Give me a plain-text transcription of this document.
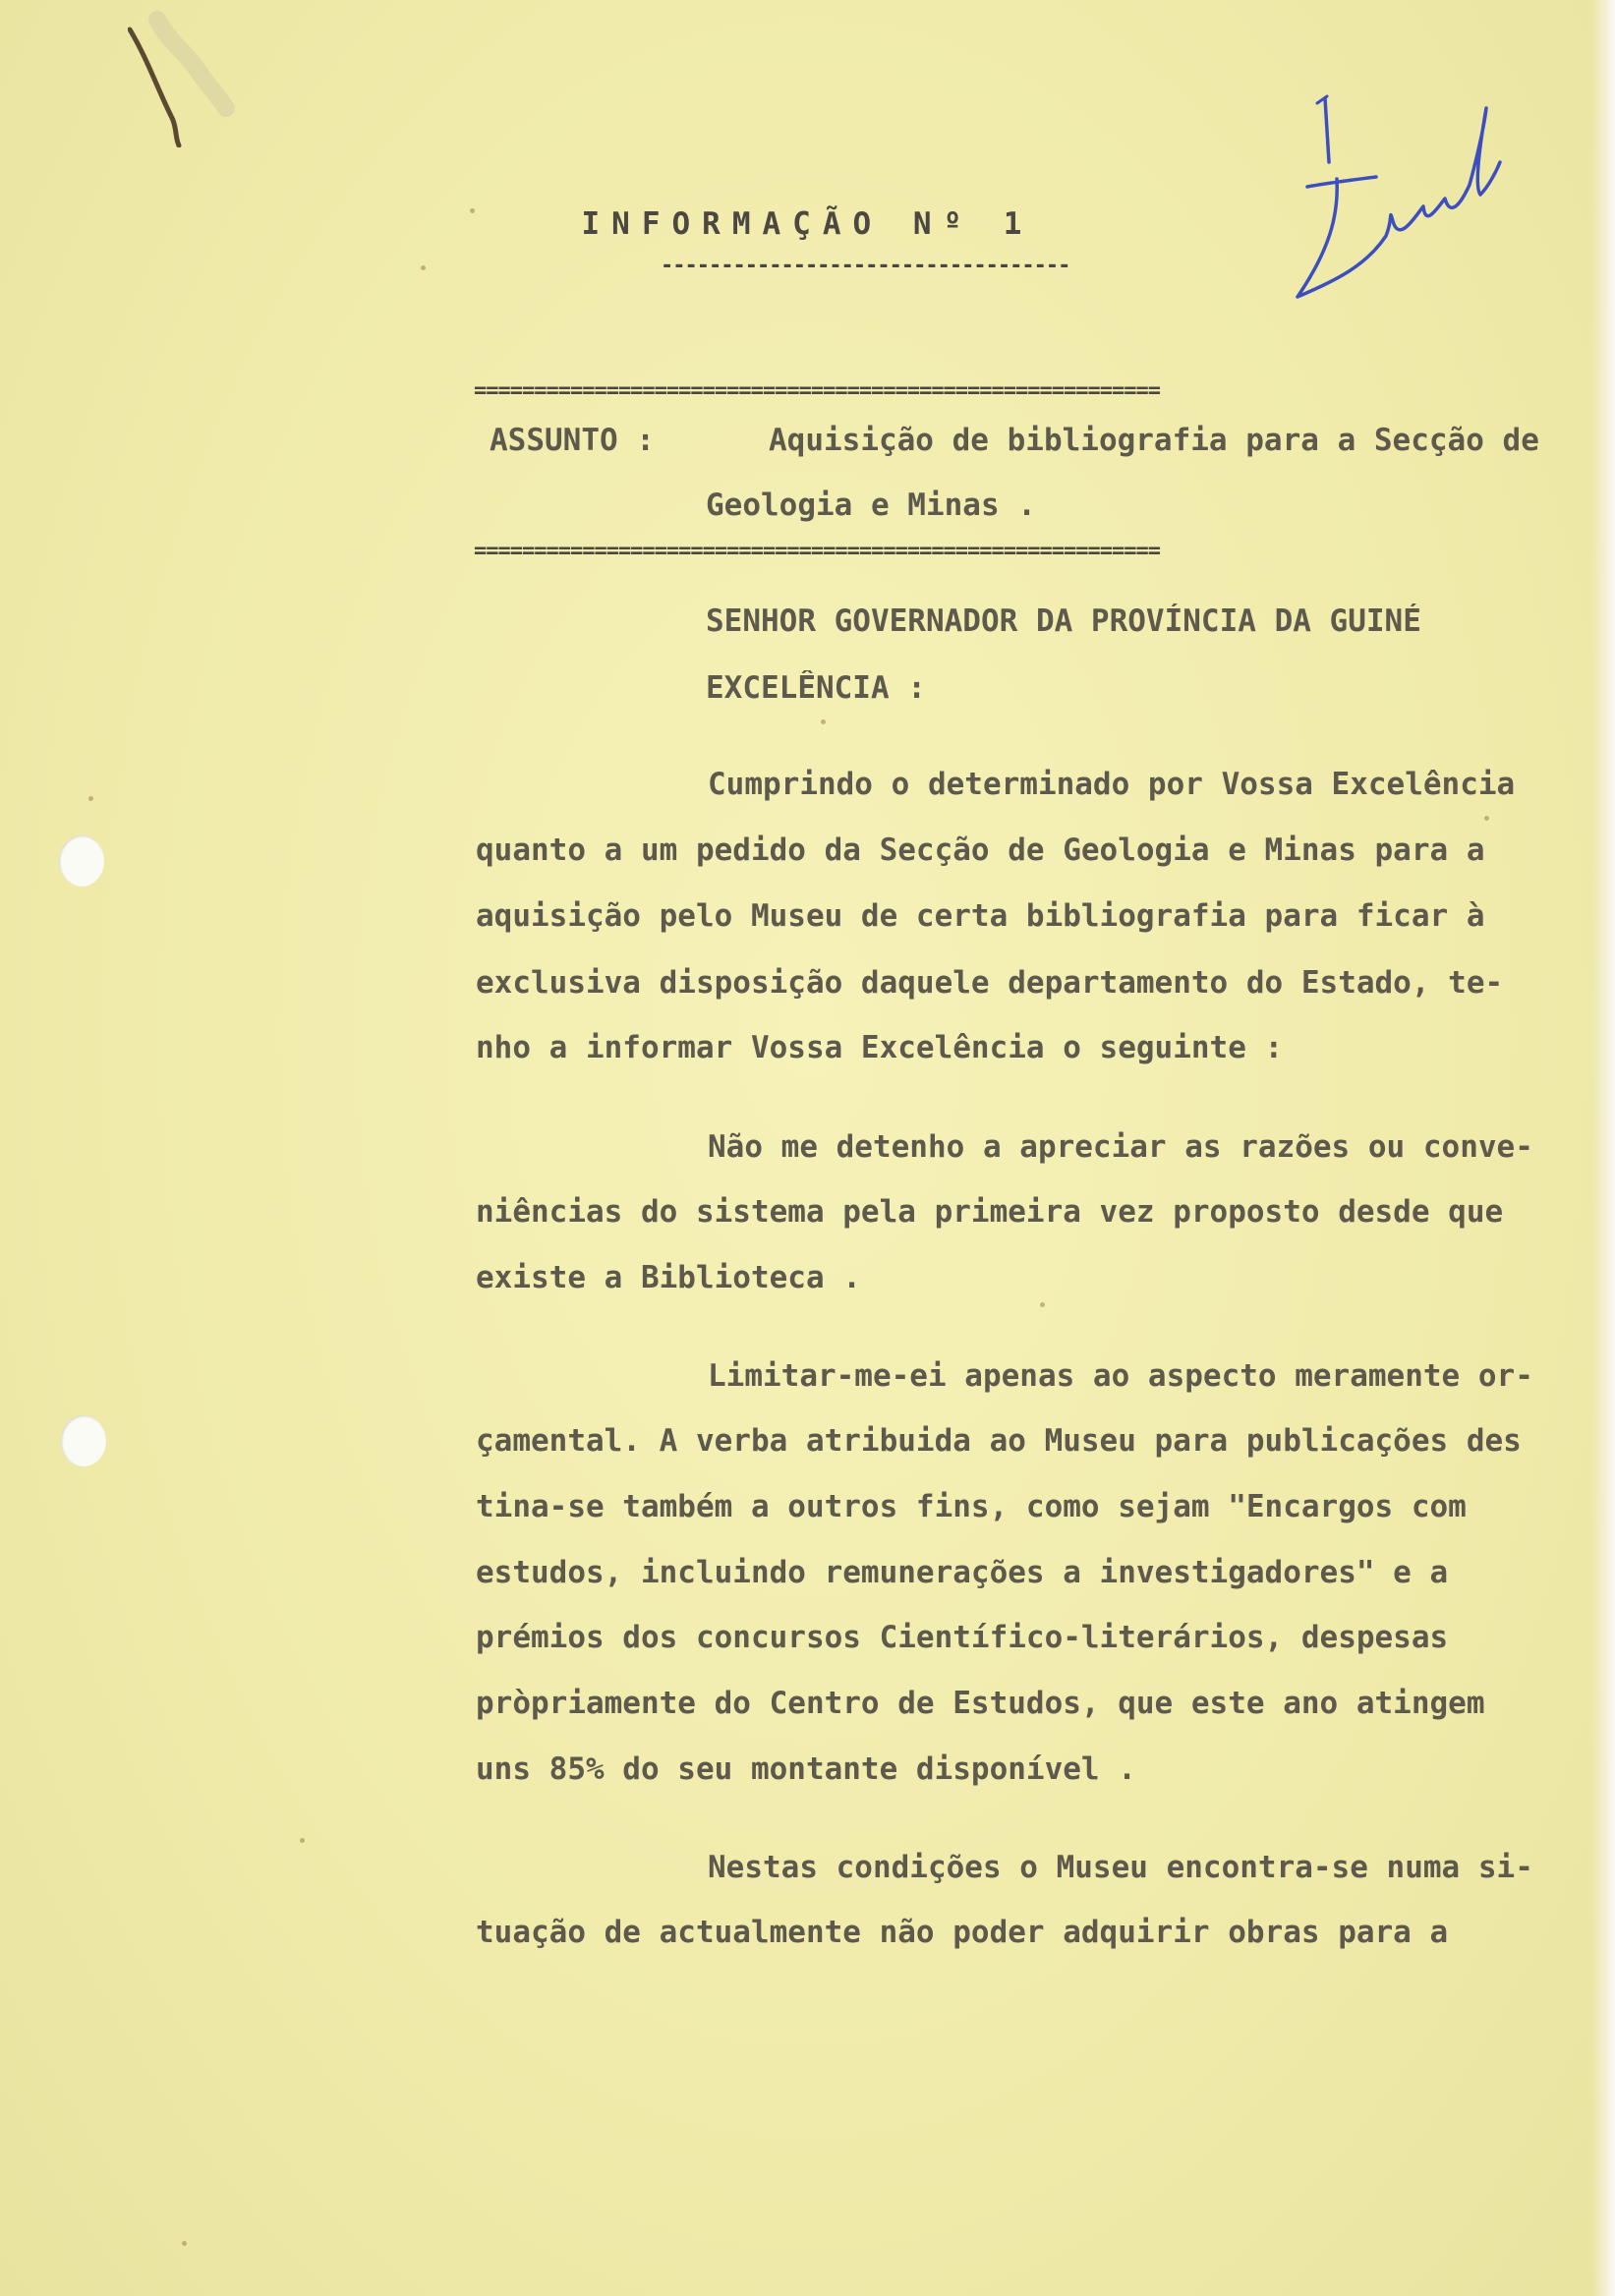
INFORMAÇÃO Nº 1
----------------------------------
=========================================================
ASSUNTO :	Aquisição de bibliografia para a Secção de
Geologia e Minas .
=========================================================
SENHOR GOVERNADOR DA PROVÍNCIA DA GUINÉ
EXCELÊNCIA :
Cumprindo o determinado por Vossa Excelência
quanto a um pedido da Secção de Geologia e Minas para a
aquisição pelo Museu de certa bibliografia para ficar à
exclusiva disposição daquele departamento do Estado, te-
nho a informar Vossa Excelência o seguinte :
Não me detenho a apreciar as razões ou conve-
niências do sistema pela primeira vez proposto desde que
existe a Biblioteca .
Limitar-me-ei apenas ao aspecto meramente or-
çamental. A verba atribuida ao Museu para publicações des
tina-se também a outros fins, como sejam "Encargos com
estudos, incluindo remunerações a investigadores" e a
prémios dos concursos Científico-literários, despesas
pròpriamente do Centro de Estudos, que este ano atingem
uns 85% do seu montante disponível .
Nestas condições o Museu encontra-se numa si-
tuação de actualmente não poder adquirir obras para a
